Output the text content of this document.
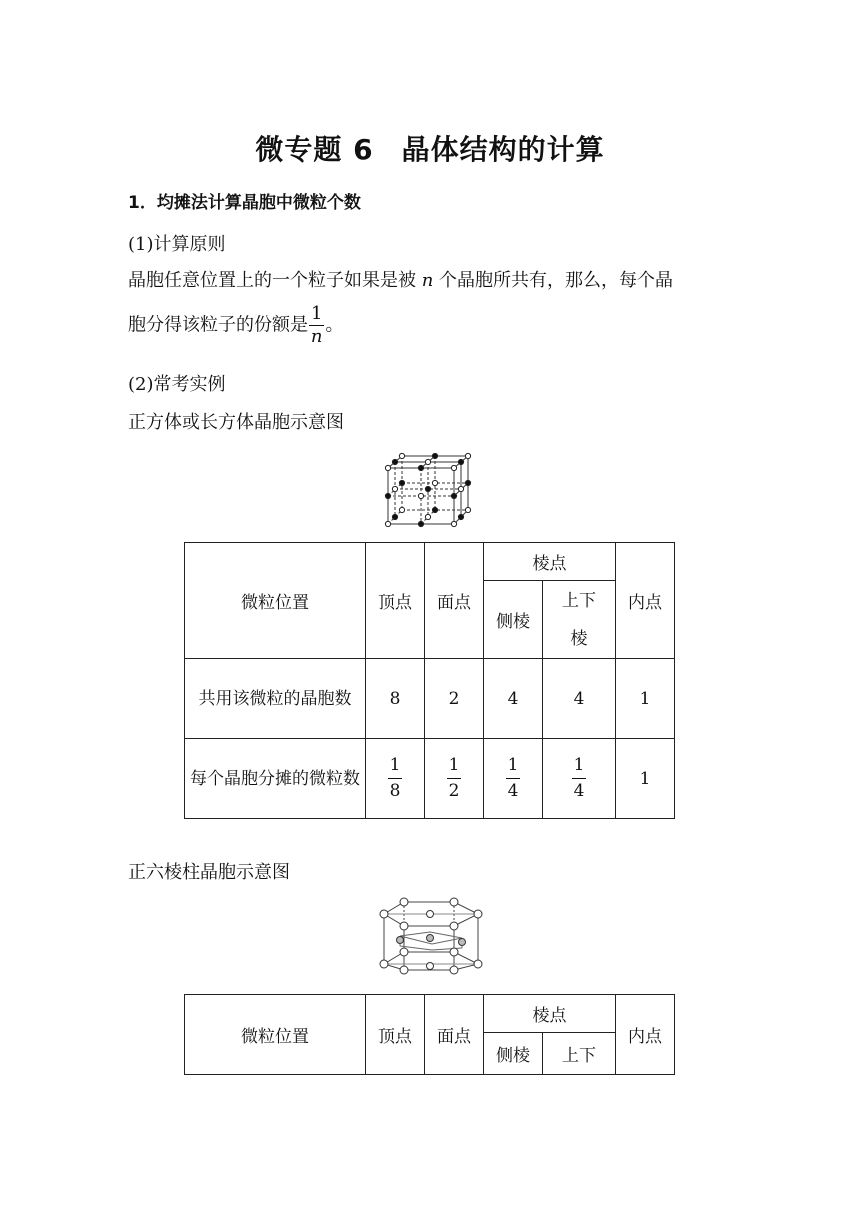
微专题 6 晶体结构的计算
1．均摊法计算晶胞中微粒个数
(1)计算原则
晶胞任意位置上的一个粒子如果是被 n 个晶胞所共有，那么，每个晶
胞分得该粒子的份额是 $\frac{1}{n}$ 。
(2)常考实例
正方体或长方体晶胞示意图
微粒位置	顶点	面点	棱点		内点
			侧棱	上下棱	

共用该微粒的晶胞数	8	2	4	4	1

每个晶胞分摊的微粒数	$\frac{1}{8}$	$\frac{1}{2}$	$\frac{1}{4}$	$\frac{1}{4}$	1
正六棱柱晶胞示意图
微粒位置	顶点	面点	棱点		内点
			侧棱	上下	
